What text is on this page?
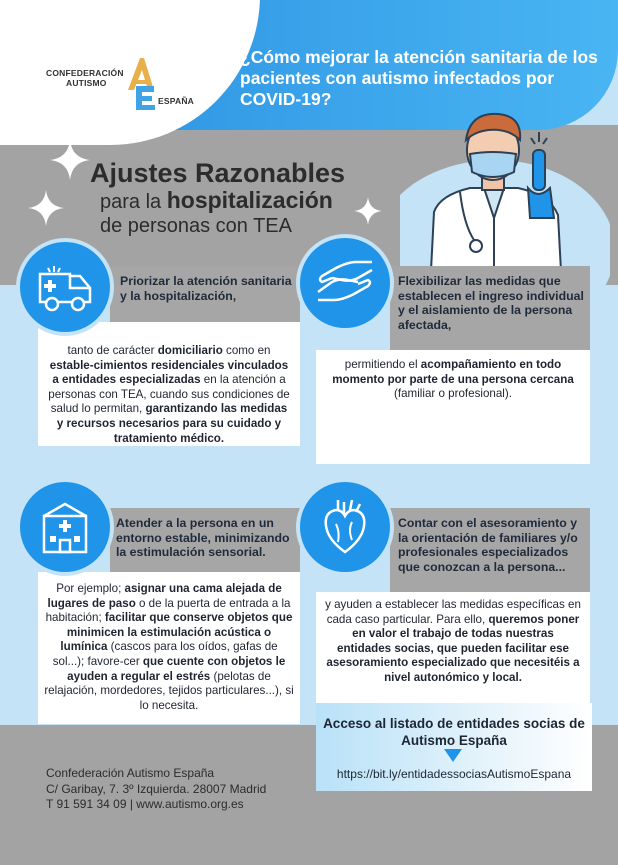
CONFEDERACIÓN
AUTISMO
ESPAÑA
¿Cómo mejorar la atención sanitaria de los pacientes con autismo infectados por COVID-19?
Ajustes Razonables
para la hospitalización
de personas con TEA
Priorizar la atención sanitaria y la hospitalización,
tanto de carácter domiciliario como en estable-cimientos residenciales vinculados a entidades especializadas en la atención a personas con TEA, cuando sus condiciones de salud lo permitan, garantizando las medidas y recursos necesarios para su cuidado y tratamiento médico.
Flexibilizar las medidas que establecen el ingreso individual y el aislamiento de la persona afectada,
permitiendo el acompañamiento en todo momento por parte de una persona cercana (familiar o profesional).
Atender a la persona en un entorno estable, minimizando la estimulación sensorial.
Por ejemplo; asignar una cama alejada de lugares de paso o de la puerta de entrada a la habitación; facilitar que conserve objetos que minimicen la estimulación acústica o lumínica (cascos para los oídos, gafas de sol...); favore-cer que cuente con objetos le ayuden a regular el estrés (pelotas de relajación, mordedores, tejidos particulares...), si lo necesita.
Contar con el asesoramiento y la orientación de familiares y/o profesionales especializados que conozcan a la persona...
y ayuden a establecer las medidas específicas en cada caso particular. Para ello, queremos poner en valor el trabajo de todas nuestras entidades socias, que pueden facilitar ese asesoramiento especializado que necesitéis a nivel autonómico y local.
Acceso al listado de entidades socias de Autismo España
https://bit.ly/entidadessociasAutismoEspana
Confederación Autismo España
C/ Garibay, 7. 3º Izquierda. 28007 Madrid
T 91 591 34 09 | www.autismo.org.es
